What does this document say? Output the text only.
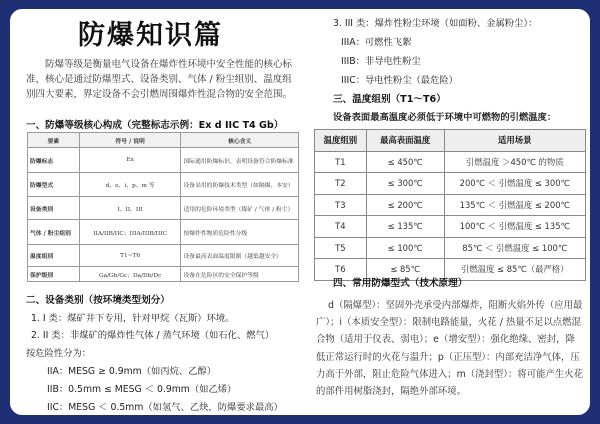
防爆知识篇
防爆等级是衡量电气设备在爆炸性环境中安全性能的核心标准，核心是通过防爆型式、设备类别、气体 / 粉尘组别、温度组别四大要素，界定设备不会引燃周围爆炸性混合物的安全范围。
一、防爆等级核心构成（完整标志示例：Ex d IIC T4 Gb）
要素	符号 / 说明	核心含义
防爆标志	Ex	国际通用防爆标识，表明设备符合防爆标准
防爆型式	d、e、i、p、m 等	设备采用的防爆技术类型（如隔爆、本安）
设备类别	I、II、III	适用的危险环境类型（煤矿 / 气体 / 粉尘）
气体 / 粉尘组别	IIA/IIB/IIC；IIIA/IIIB/IIIC	按爆炸性物质危险性分级
温度组别	T1~T6	设备最高表面温度限制（越低越安全）
保护级别	Ga/Gb/Gc；Da/Db/Dc	设备在危险区的安全保护等级
二、设备类别（按环境类型划分）
1. I 类：煤矿井下专用，针对甲烷（瓦斯）环境。
2. II 类：非煤矿的爆炸性气体 / 蒸气环境（如石化、燃气）
按危险性分为：
IIA：MESG ≥ 0.9mm（如丙烷、乙醇）
IIB：0.5mm ≤ MESG ＜ 0.9mm（如乙烯）
IIC：MESG ＜ 0.5mm（如氢气、乙炔，防爆要求最高）
3. III 类：爆炸性粉尘环境（如面粉、金属粉尘）：
IIIA：可燃性飞絮
IIIB：非导电性粉尘
IIIC：导电性粉尘（最危险）
三、温度组别（T1～T6）
设备表面最高温度必须低于环境中可燃物的引燃温度：
温度组别	最高表面温度	适用场景
T1	≤ 450℃	引燃温度 ＞450℃ 的物质
T2	≤ 300℃	200℃ ＜ 引燃温度 ≤ 300℃
T3	≤ 200℃	135℃ ＜ 引燃温度 ≤ 200℃
T4	≤ 135℃	100℃ ＜ 引燃温度 ≤ 135℃
T5	≤ 100℃	85℃ ＜ 引燃温度 ≤ 100℃
T6	≤ 85℃	引燃温度 ≤ 85℃（最严格）
四、常用防爆型式（技术原理）
d（隔爆型）：坚固外壳承受内部爆炸，阻断火焰外传（应用最广）；i（本质安全型）：限制电路能量，火花 / 热量不足以点燃混合物（适用于仪表、弱电）；e（增安型）：强化绝缘、密封，降低正常运行时的火花与温升；p（正压型）：内部充洁净气体，压力高于外部，阻止危险气体进入；m（浇封型）：将可能产生火花的部件用树脂浇封，隔绝外部环境。
